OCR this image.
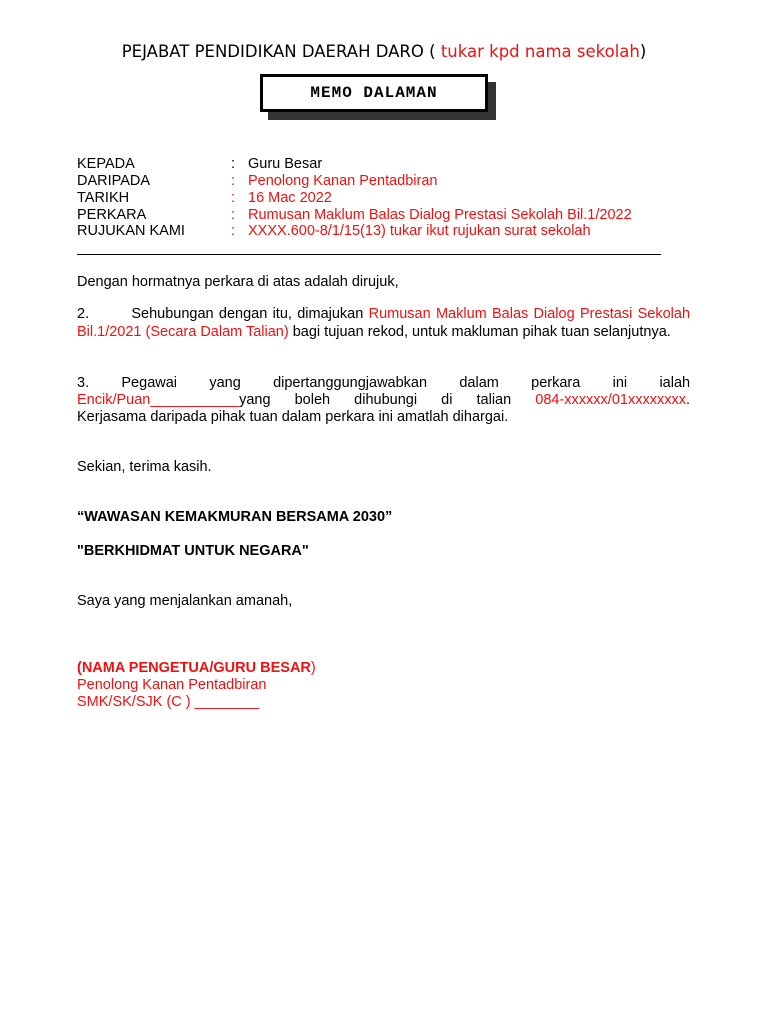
PEJABAT PENDIDIKAN DAERAH DARO ( tukar kpd nama sekolah)
MEMO DALAMAN
KEPADA	: Guru Besar
DARIPADA	: Penolong Kanan Pentadbiran
TARIKH	: 16 Mac 2022
PERKARA	: Rumusan Maklum Balas Dialog Prestasi Sekolah Bil.1/2022
RUJUKAN KAMI	: XXXX.600-8/1/15(13) tukar ikut rujukan surat sekolah
Dengan hormatnya perkara di atas adalah dirujuk,
2.	Sehubungan dengan itu, dimajukan Rumusan Maklum Balas Dialog Prestasi Sekolah Bil.1/2021 (Secara Dalam Talian) bagi tujuan rekod, untuk makluman pihak tuan selanjutnya.
3. Pegawai yang dipertanggungjawabkan dalam perkara ini ialah
Encik/Puan___________yang boleh dihubungi di talian 084-xxxxxx/01xxxxxxxx.
Kerjasama daripada pihak tuan dalam perkara ini amatlah dihargai.
Sekian, terima kasih.
“WAWASAN KEMAKMURAN BERSAMA 2030”
"BERKHIDMAT UNTUK NEGARA"
Saya yang menjalankan amanah,
(NAMA PENGETUA/GURU BESAR)
Penolong Kanan Pentadbiran
SMK/SK/SJK (C ) ________
